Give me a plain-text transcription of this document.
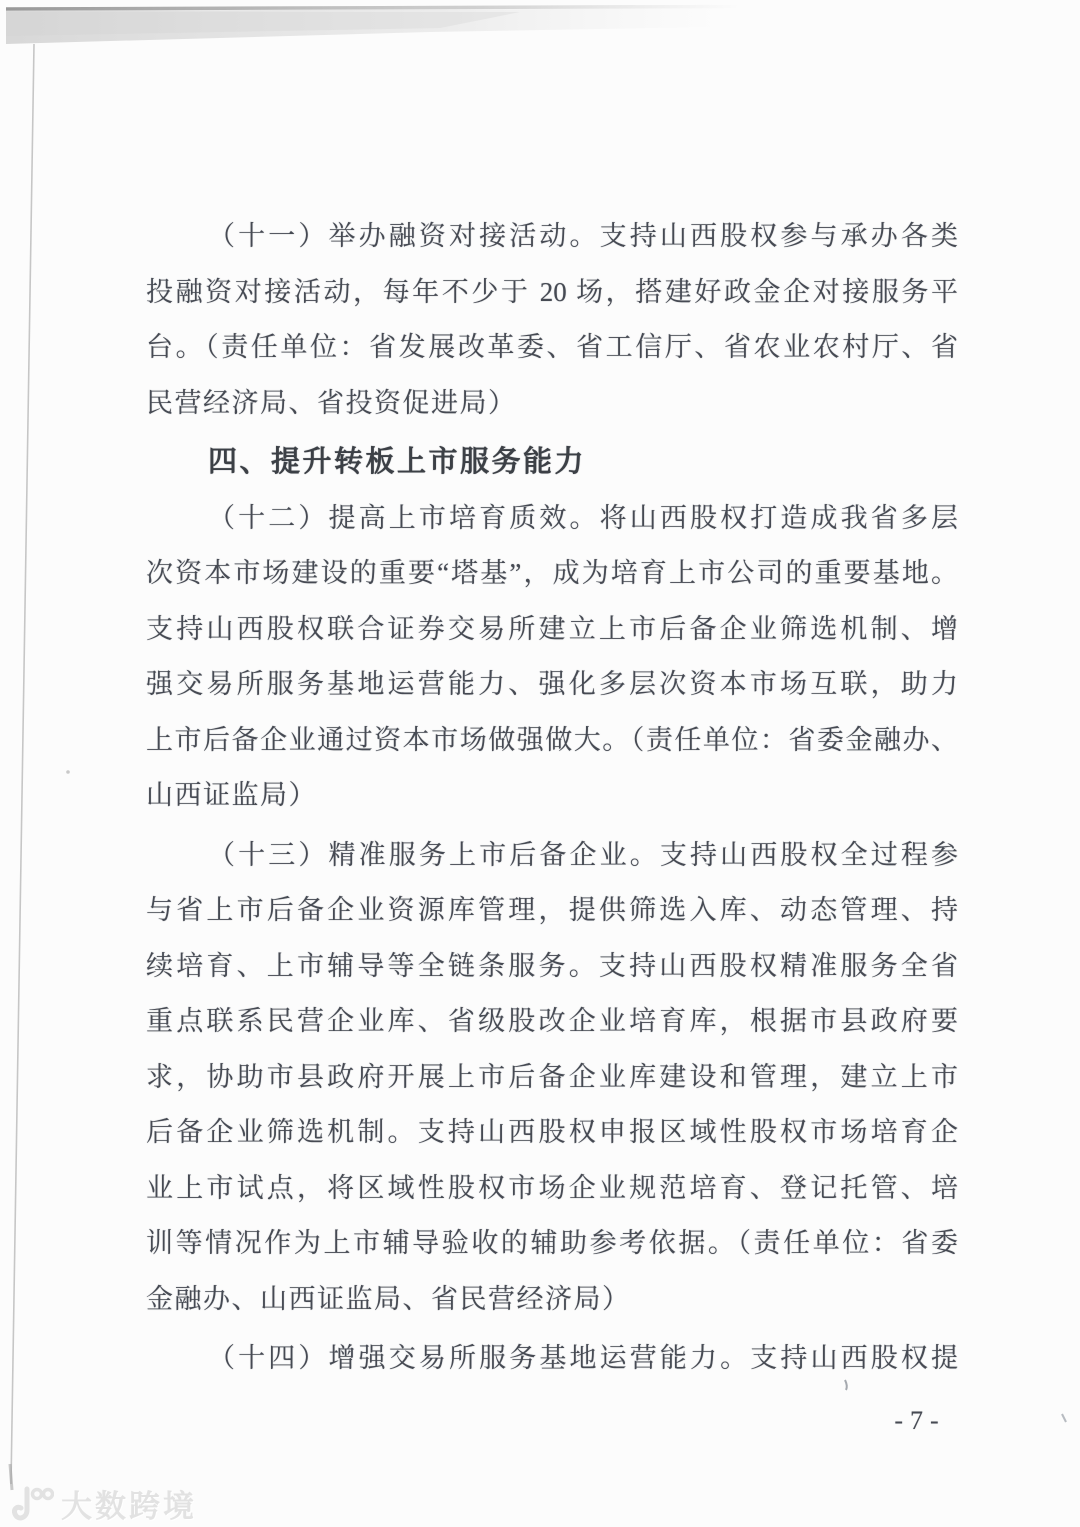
（十一）举办融资对接活动。支持山西股权参与承办各类
投融资对接活动，每年不少于 20 场，搭建好政金企对接服务平
台。（责任单位：省发展改革委、省工信厅、省农业农村厅、省
民营经济局、省投资促进局）
四、提升转板上市服务能力
（十二）提高上市培育质效。将山西股权打造成我省多层
次资本市场建设的重要“塔基”，成为培育上市公司的重要基地。
支持山西股权联合证券交易所建立上市后备企业筛选机制、增
强交易所服务基地运营能力、强化多层次资本市场互联，助力
上市后备企业通过资本市场做强做大。（责任单位：省委金融办、
山西证监局）
（十三）精准服务上市后备企业。支持山西股权全过程参
与省上市后备企业资源库管理，提供筛选入库、动态管理、持
续培育、上市辅导等全链条服务。支持山西股权精准服务全省
重点联系民营企业库、省级股改企业培育库，根据市县政府要
求，协助市县政府开展上市后备企业库建设和管理，建立上市
后备企业筛选机制。支持山西股权申报区域性股权市场培育企
业上市试点，将区域性股权市场企业规范培育、登记托管、培
训等情况作为上市辅导验收的辅助参考依据。（责任单位：省委
金融办、山西证监局、省民营经济局）
（十四）增强交易所服务基地运营能力。支持山西股权提
-7-
大数跨境
